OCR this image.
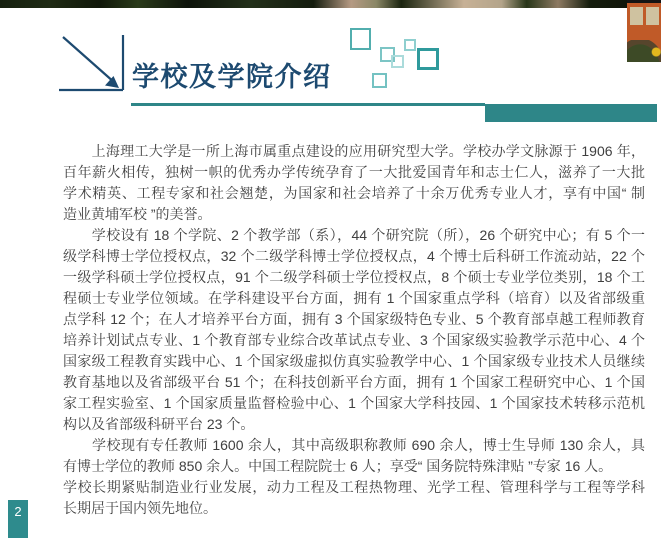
学校及学院介绍
　　上海理工大学是一所上海市属重点建设的应用研究型大学。学校办学文脉源于 1906 年，
百年薪火相传，独树一帜的优秀办学传统孕育了一大批爱国青年和志士仁人，滋养了一大批
学术精英、工程专家和社会翘楚，为国家和社会培养了十余万优秀专业人才，享有中国“ 制
造业黄埔军校 ”的美誉。
　　学校设有 18 个学院、2 个教学部（系），44 个研究院（所），26 个研究中心；有 5 个一
级学科博士学位授权点，32 个二级学科博士学位授权点，4 个博士后科研工作流动站，22 个
一级学科硕士学位授权点，91 个二级学科硕士学位授权点，8 个硕士专业学位类别，18 个工
程硕士专业学位领域。在学科建设平台方面，拥有 1 个国家重点学科（培育）以及省部级重
点学科 12 个；在人才培养平台方面，拥有 3 个国家级特色专业、5 个教育部卓越工程师教育
培养计划试点专业、1 个教育部专业综合改革试点专业、3 个国家级实验教学示范中心、4 个
国家级工程教育实践中心、1 个国家级虚拟仿真实验教学中心、1 个国家级专业技术人员继续
教育基地以及省部级平台 51 个；在科技创新平台方面，拥有 1 个国家工程研究中心、1 个国
家工程实验室、1 个国家质量监督检验中心、1 个国家大学科技园、1 个国家技术转移示范机
构以及省部级科研平台 23 个。
　　学校现有专任教师 1600 余人，其中高级职称教师 690 余人，博士生导师 130 余人，具
有博士学位的教师 850 余人。中国工程院院士 6 人；享受“ 国务院特殊津贴 ”专家 16 人。
学校长期紧贴制造业行业发展，动力工程及工程热物理、光学工程、管理科学与工程等学科
长期居于国内领先地位。
2
